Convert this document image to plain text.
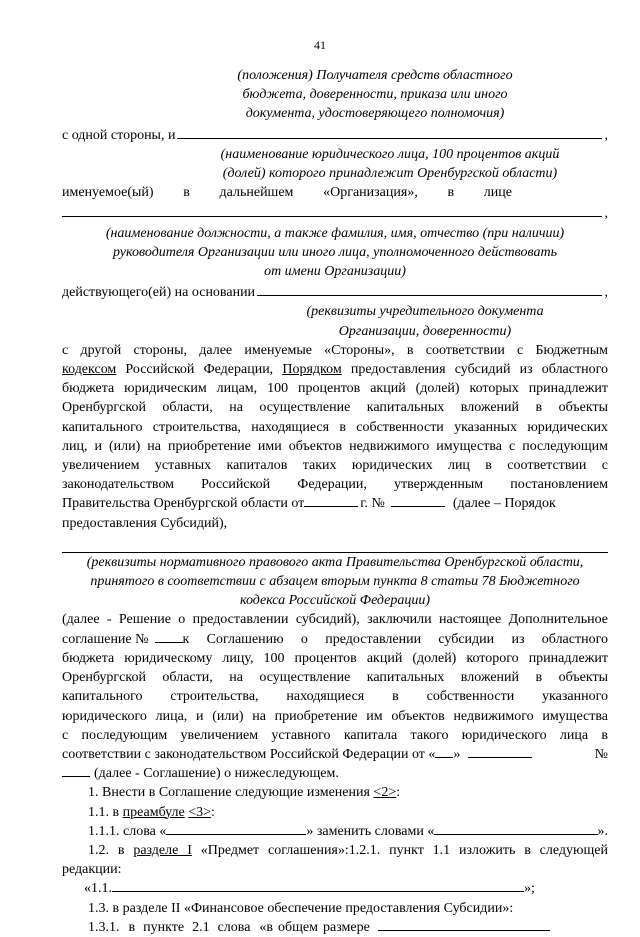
41
(положения) Получателя средств областного
бюджета, доверенности, приказа или иного
документа, удостоверяющего полномочия)
с одной стороны, и	,
(наименование юридического лица, 100 процентов акций
(долей) которого принадлежит Оренбургской области)
именуемое(ый) в дальнейшем «Организация», в лице
,
(наименование должности, а также фамилия, имя, отчество (при наличии)
руководителя Организации или иного лица, уполномоченного действовать
от имени Организации)
действующего(ей) на основании	,
(реквизиты учредительного документа
Организации, доверенности)
с другой стороны, далее именуемые «Стороны», в соответствии с Бюджетным
кодексом Российской Федерации, Порядком предоставления субсидий из областного
бюджета юридическим лицам, 100 процентов акций (долей) которых принадлежит
Оренбургской области, на осуществление капитальных вложений в объекты
капитального строительства, находящиеся в собственности указанных юридических
лиц, и (или) на приобретение ими объектов недвижимого имущества с последующим
увеличением уставных капиталов таких юридических лиц в соответствии с
законодательством Российской Федерации, утвержденным постановлением
Правительства Оренбургской области от	г. №	(далее – Порядок
предоставления Субсидий),
(реквизиты нормативного правового акта Правительства Оренбургской области,
принятого в соответствии с абзацем вторым пункта 8 статьи 78 Бюджетного
кодекса Российской Федерации)
(далее - Решение о предоставлении субсидий), заключили настоящее Дополнительное
соглашение № к Соглашению о предоставлении субсидии из областного
бюджета юридическому лицу, 100 процентов акций (долей) которого принадлежит
Оренбургской области, на осуществление капитальных вложений в объекты
капитального строительства, находящиеся в собственности указанного
юридического лица, и (или) на приобретение им объектов недвижимого имущества
с последующим увеличением уставного капитала такого юридического лица в
соответствии с законодательством Российской Федерации от « »	№
(далее - Соглашение) о нижеследующем.
1. Внести в Соглашение следующие изменения <2>:
1.1. в преамбуле <3>:
1.1.1. слова «	» заменить словами «	».
1.2. в разделе I «Предмет соглашения»:1.2.1. пункт 1.1 изложить в следующей
редакции:
«1.1.	»;
1.3. в разделе II «Финансовое обеспечение предоставления Субсидии»:
1.3.1. в пункте 2.1 слова «в общем размере
